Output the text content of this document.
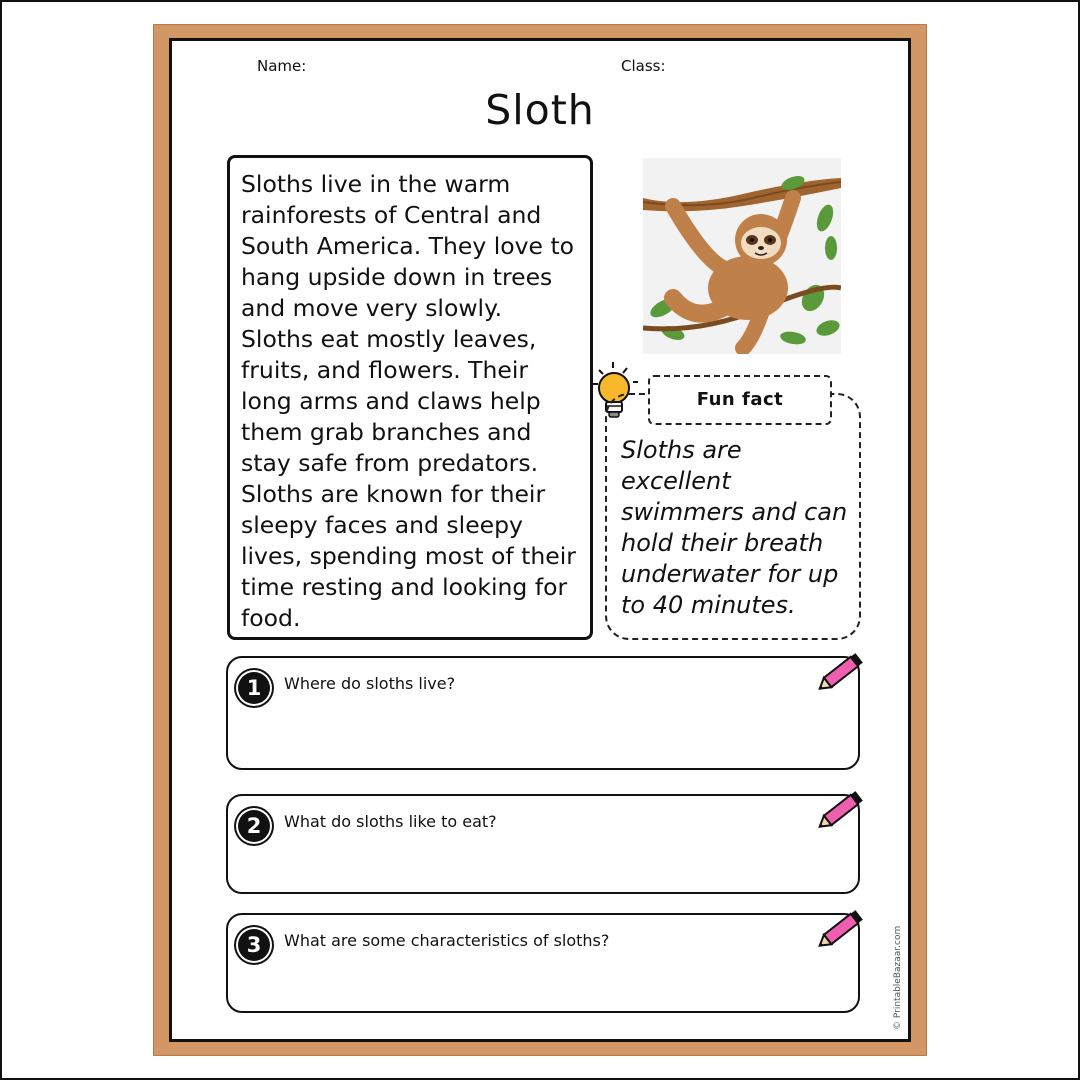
Name:	Class:
Sloth

Sloths live in the warm rainforests of Central and South America. They love to hang upside down in trees and move very slowly. Sloths eat mostly leaves, fruits, and flowers. Their long arms and claws help them grab branches and stay safe from predators. Sloths are known for their sleepy faces and sleepy lives, spending most of their time resting and looking for food.

Sloths are excellent swimmers and can hold their breath underwater for up to 40 minutes.

Fun fact
1	Where do sloths live?
2	What do sloths like to eat?
3	What are some characteristics of sloths?	© PrintableBazaar.com
